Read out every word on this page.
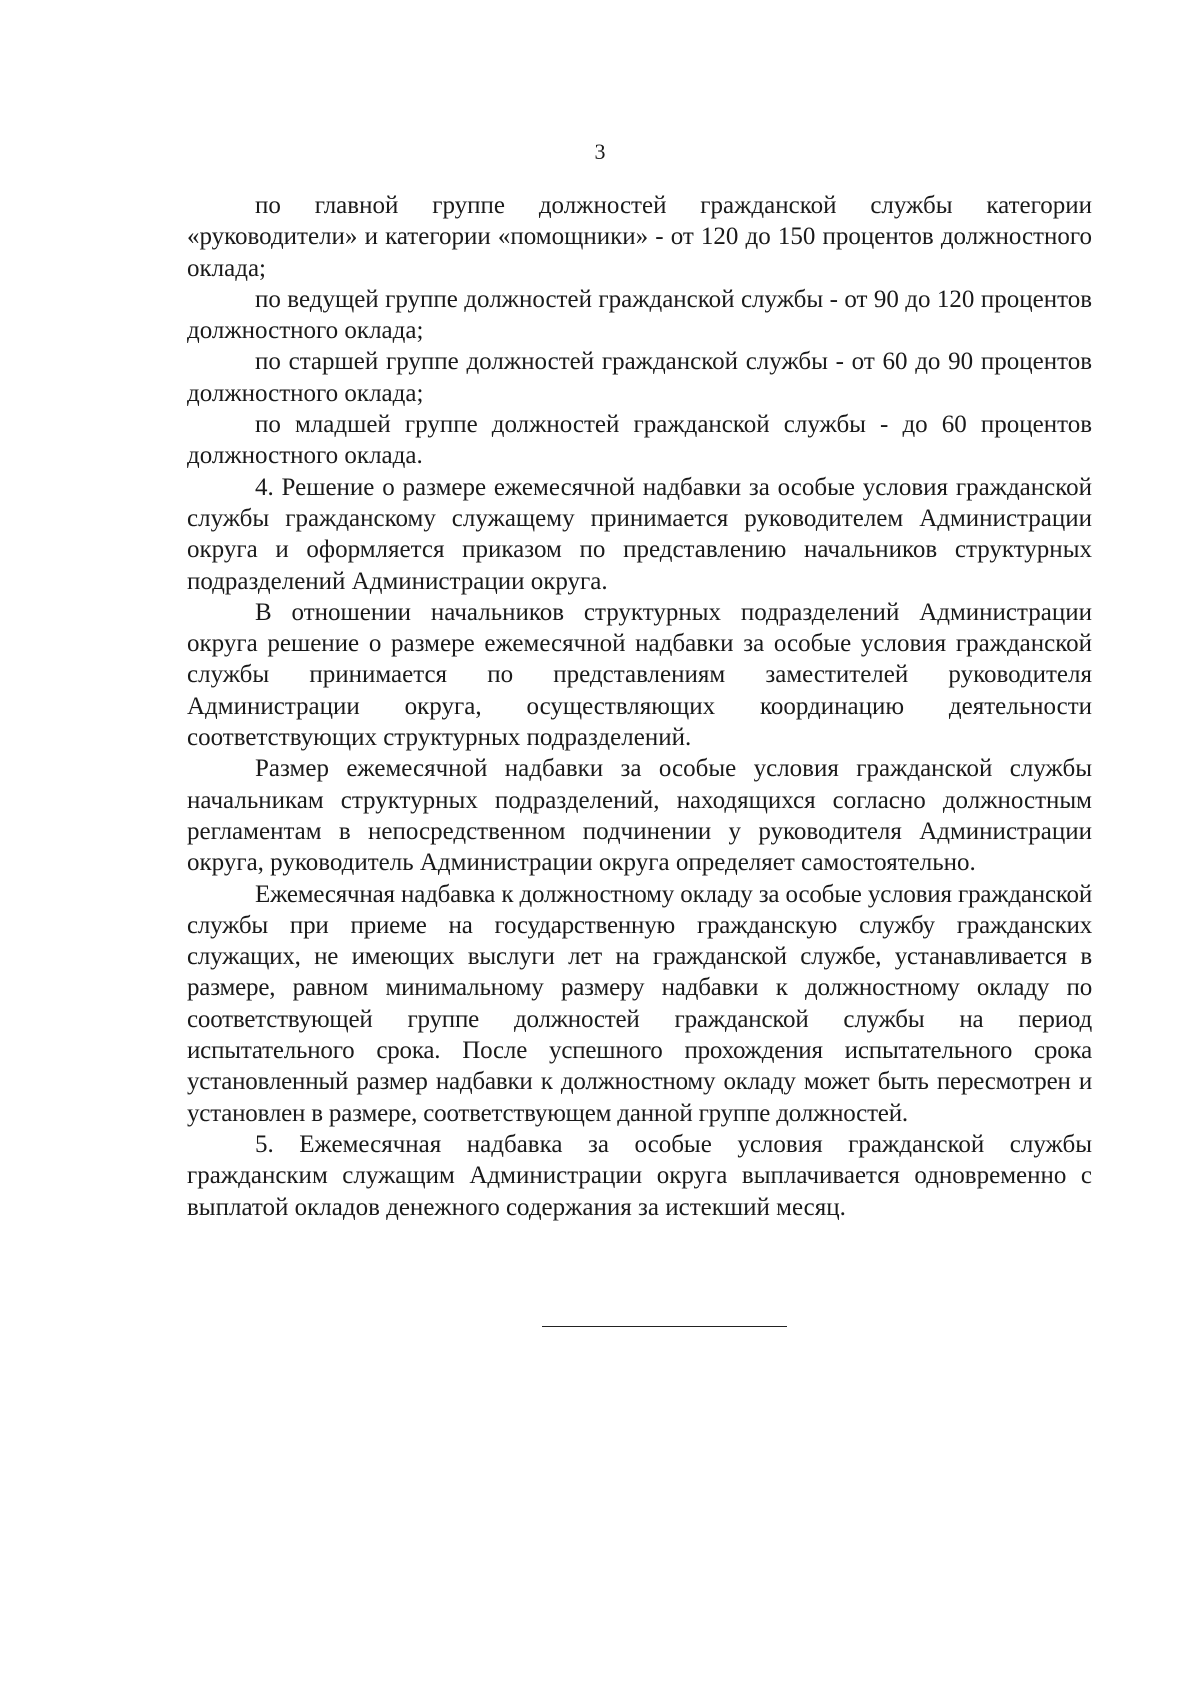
3

по главной группе должностей гражданской службы категории «руководители» и категории «помощники» - от 120 до 150 процентов должностного оклада;

по ведущей группе должностей гражданской службы - от 90 до 120 процентов должностного оклада;

по старшей группе должностей гражданской службы - от 60 до 90 процентов должностного оклада;

по младшей группе должностей гражданской службы - до 60 процентов должностного оклада.

4. Решение о размере ежемесячной надбавки за особые условия гражданской службы гражданскому служащему принимается руководителем Администрации округа и оформляется приказом по представлению начальников структурных подразделений Администрации округа.

В отношении начальников структурных подразделений Администрации округа решение о размере ежемесячной надбавки за особые условия гражданской службы принимается по представлениям заместителей руководителя Администрации округа, осуществляющих координацию деятельности соответствующих структурных подразделений.

Размер ежемесячной надбавки за особые условия гражданской службы начальникам структурных подразделений, находящихся согласно должностным регламентам в непосредственном подчинении у руководителя Администрации округа, руководитель Администрации округа определяет самостоятельно.

Ежемесячная надбавка к должностному окладу за особые условия гражданской службы при приеме на государственную гражданскую службу гражданских служащих, не имеющих выслуги лет на гражданской службе, устанавливается в размере, равном минимальному размеру надбавки к должностному окладу по соответствующей группе должностей гражданской службы на период испытательного срока. После успешного прохождения испытательного срока установленный размер надбавки к должностному окладу может быть пересмотрен и установлен в размере, соответствующем данной группе должностей.

5. Ежемесячная надбавка за особые условия гражданской службы гражданским служащим Администрации округа выплачивается одновременно с выплатой окладов денежного содержания за истекший месяц.
